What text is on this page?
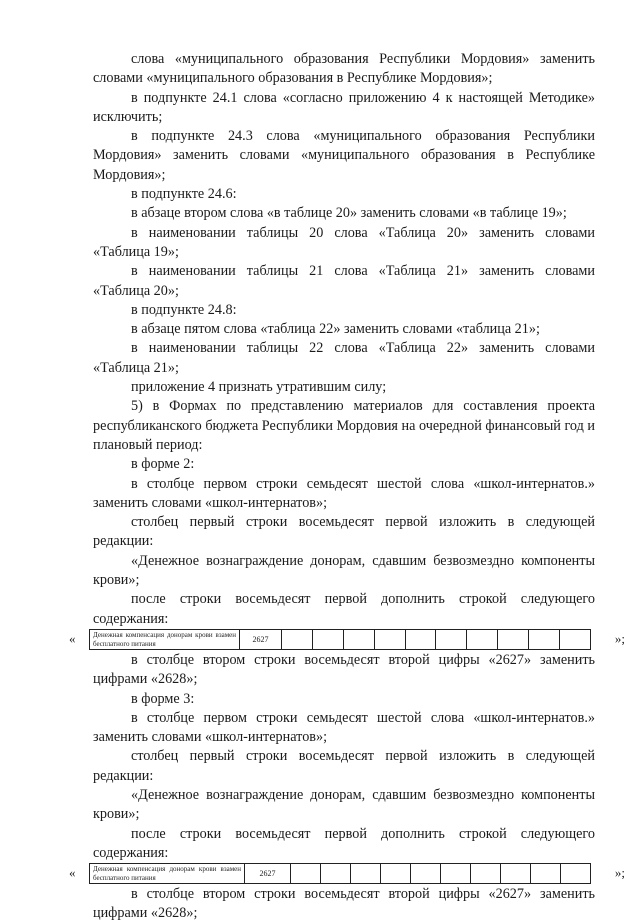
слова «муниципального образования Республики Мордовия» заменить словами «муниципального образования в Республике Мордовия»;

в подпункте 24.1 слова «согласно приложению 4 к настоящей Методике» исключить;

в подпункте 24.3 слова «муниципального образования Республики Мордовия» заменить словами «муниципального образования в Республике Мордовия»;

в подпункте 24.6:

в абзаце втором слова «в таблице 20» заменить словами «в таблице 19»;

в наименовании таблицы 20 слова «Таблица 20» заменить словами «Таблица 19»;

в наименовании таблицы 21 слова «Таблица 21» заменить словами «Таблица 20»;

в подпункте 24.8:

в абзаце пятом слова «таблица 22» заменить словами «таблица 21»;

в наименовании таблицы 22 слова «Таблица 22» заменить словами «Таблица 21»;

приложение 4 признать утратившим силу;

5) в Формах по представлению материалов для составления проекта республиканского бюджета Республики Мордовия на очередной финансовый год и плановый период:

в форме 2:

в столбце первом строки семьдесят шестой слова «школ-интернатов.» заменить словами «школ-интернатов»;

столбец первый строки восемьдесят первой изложить в следующей редакции:

«Денежное вознаграждение донорам, сдавшим безвозмездно компоненты крови»;

после строки восемьдесят первой дополнить строкой следующего содержания:

«	Денежная компенсация донорам крови взамен бесплатного питания	2627											»;

в столбце втором строки восемьдесят второй цифры «2627» заменить цифрами «2628»;

в форме 3:

в столбце первом строки семьдесят шестой слова «школ-интернатов.» заменить словами «школ-интернатов»;

столбец первый строки восемьдесят первой изложить в следующей редакции:

«Денежное вознаграждение донорам, сдавшим безвозмездно компоненты крови»;

после строки восемьдесят первой дополнить строкой следующего содержания:

«	Денежная компенсация донорам крови взамен бесплатного питания	2627											»;

в столбце втором строки восемьдесят второй цифры «2627» заменить цифрами «2628»;
